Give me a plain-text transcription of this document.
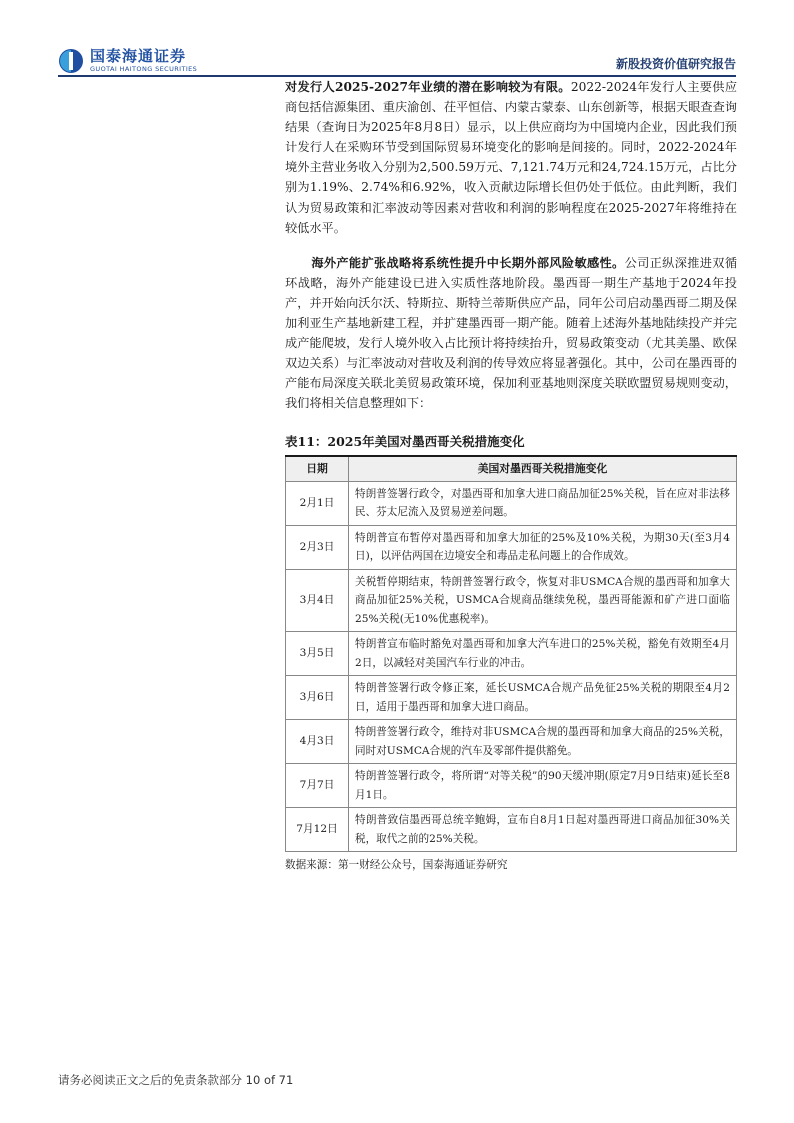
国泰海通证券
GUOTAI HAITONG SECURITIES	新股投资价值研究报告

对发行人2025-2027年业绩的潜在影响较为有限。2022-2024年发行人主要供应商包括信源集团、重庆渝创、茌平恒信、内蒙古蒙泰、山东创新等，根据天眼查查询结果（查询日为2025年8月8日）显示，以上供应商均为中国境内企业，因此我们预计发行人在采购环节受到国际贸易环境变化的影响是间接的。同时，2022-2024年境外主营业务收入分别为2,500.59万元、7,121.74万元和24,724.15万元，占比分别为1.19%、2.74%和6.92%，收入贡献边际增长但仍处于低位。由此判断，我们认为贸易政策和汇率波动等因素对营收和利润的影响程度在2025-2027年将维持在较低水平。

海外产能扩张战略将系统性提升中长期外部风险敏感性。公司正纵深推进双循环战略，海外产能建设已进入实质性落地阶段。墨西哥一期生产基地于2024年投产，并开始向沃尔沃、特斯拉、斯特兰蒂斯供应产品，同年公司启动墨西哥二期及保加利亚生产基地新建工程，并扩建墨西哥一期产能。随着上述海外基地陆续投产并完成产能爬坡，发行人境外收入占比预计将持续抬升，贸易政策变动（尤其美墨、欧保双边关系）与汇率波动对营收及利润的传导效应将显著强化。其中，公司在墨西哥的产能布局深度关联北美贸易政策环境，保加利亚基地则深度关联欧盟贸易规则变动，我们将相关信息整理如下：

表11：2025年美国对墨西哥关税措施变化
日期	美国对墨西哥关税措施变化
2月1日	特朗普签署行政令，对墨西哥和加拿大进口商品加征25%关税，旨在应对非法移民、芬太尼流入及贸易逆差问题。
2月3日	特朗普宣布暂停对墨西哥和加拿大加征的25%及10%关税，为期30天(至3月4日)，以评估两国在边境安全和毒品走私问题上的合作成效。
3月4日	关税暂停期结束，特朗普签署行政令，恢复对非USMCA合规的墨西哥和加拿大商品加征25%关税，USMCA合规商品继续免税，墨西哥能源和矿产进口面临25%关税(无10%优惠税率)。
3月5日	特朗普宣布临时豁免对墨西哥和加拿大汽车进口的25%关税，豁免有效期至4月2日，以减轻对美国汽车行业的冲击。
3月6日	特朗普签署行政令修正案，延长USMCA合规产品免征25%关税的期限至4月2日，适用于墨西哥和加拿大进口商品。
4月3日	特朗普签署行政令，维持对非USMCA合规的墨西哥和加拿大商品的25%关税，同时对USMCA合规的汽车及零部件提供豁免。
7月7日	特朗普签署行政令，将所谓“对等关税”的90天缓冲期(原定7月9日结束)延长至8月1日。
7月12日	特朗普致信墨西哥总统辛鲍姆，宣布自8月1日起对墨西哥进口商品加征30%关税，取代之前的25%关税。
数据来源：第一财经公众号，国泰海通证券研究
请务必阅读正文之后的免责条款部分 10 of 71
